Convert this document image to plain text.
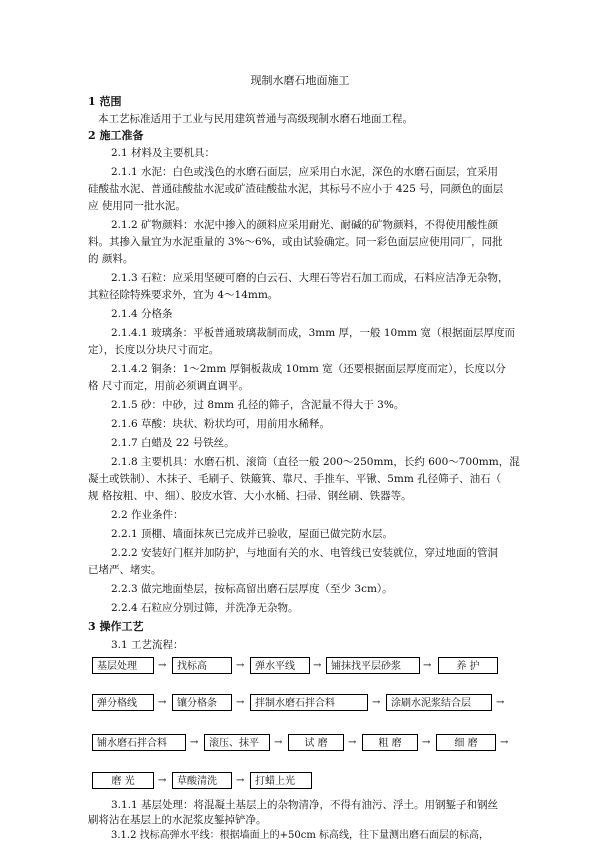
现制水磨石地面施工
1 范围
本工艺标准适用于工业与民用建筑普通与高级现制水磨石地面工程。
2 施工准备
2.1 材料及主要机具：
2.1.1 水泥：白色或浅色的水磨石面层，应采用白水泥，深色的水磨石面层，宜采用
硅酸盐水泥、普通硅酸盐水泥或矿渣硅酸盐水泥，其标号不应小于 425 号，同颜色的面层
应 使用同一批水泥。
2.1.2 矿物颜料：水泥中掺入的颜料应采用耐光、耐碱的矿物颜料，不得使用酸性颜
料。其掺入量宜为水泥重量的 3%～6%，或由试验确定。同一彩色面层应使用同厂，同批
的 颜料。
2.1.3 石粒：应采用坚硬可磨的白云石、大理石等岩石加工而成，石料应洁净无杂物，
其粒径除特殊要求外，宜为 4～14mm。
2.1.4 分格条
2.1.4.1 玻璃条：平板普通玻璃裁制而成，3mm 厚，一般 10mm 宽（根据面层厚度而
定），长度以分块尺寸而定。
2.1.4.2 铜条：1～2mm 厚铜板裁成 10mm 宽（还要根据面层厚度而定），长度以分
格 尺寸而定，用前必须调直调平。
2.1.5 砂：中砂，过 8mm 孔径的筛子，含泥量不得大于 3%。
2.1.6 草酸：块状、粉状均可，用前用水稀释。
2.1.7 白蜡及 22 号铁丝。
2.1.8 主要机具：水磨石机、滚筒（直径一般 200～250mm，长约 600～700mm，混
凝土或铁制）、木抹子、毛刷子、铁簸箕、靠尺、手推车、平锹、5mm 孔径筛子、油石（
规 格按粗、中、细）、胶皮水管、大小水桶、扫帚、钢丝刷、铁器等。
2.2 作业条件：
2.2.1 顶棚、墙面抹灰已完成并已验收，屋面已做完防水层。
2.2.2 安装好门框并加防护，与地面有关的水、电管线已安装就位，穿过地面的管洞
已堵严、堵实。
2.2.3 做完地面垫层，按标高留出磨石层厚度（至少 3cm）。
2.2.4 石粒应分别过筛，并洗净无杂物。
3 操作工艺
3.1 工艺流程：
基层处理	→	找标高	→	弹水平线	→ 铺抹找平层砂浆	→	养 护
弹分格线	→	镶分格条	→	拌制水磨石拌合料	→	涂刷水泥浆结合层	→
铺水磨石拌合料	→	滚压、抹平	→	试 磨	→	粗 磨	→	细 磨	→
磨 光	→	草酸清洗	→	打蜡上光
3.1.1 基层处理：将混凝土基层上的杂物清净，不得有油污、浮土。用钢錾子和钢丝
刷将沾在基层上的水泥浆皮錾掉铲净。
3.1.2 找标高弹水平线：根据墙面上的+50cm 标高线，往下量测出磨石面层的标高，
